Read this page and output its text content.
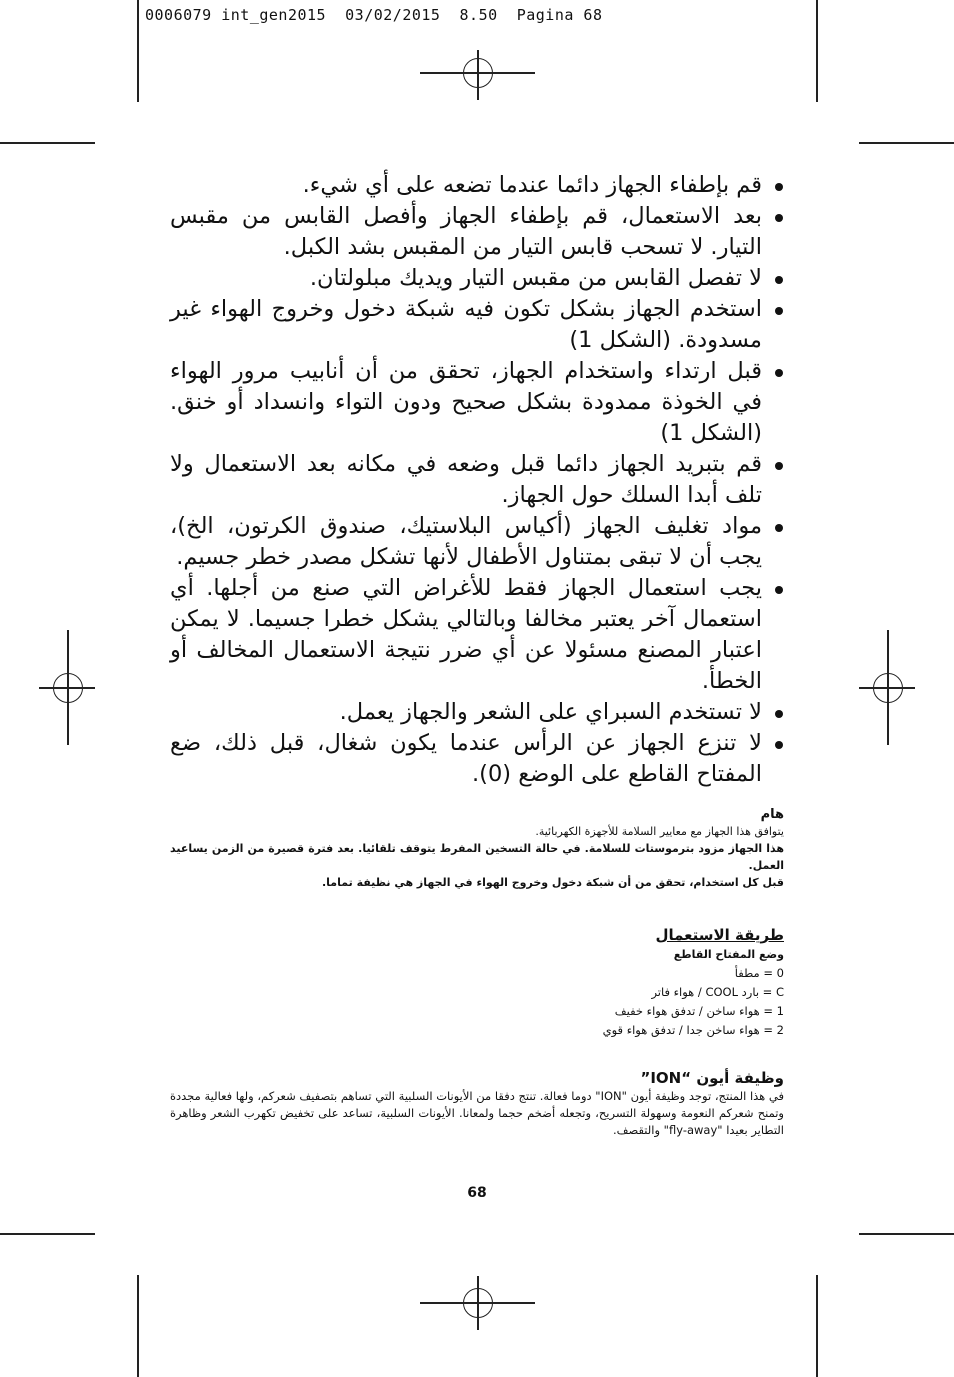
0006079 int_gen2015  03/02/2015  8.50  Pagina 68
قم بإطفاء الجهاز دائما عندما تضعه على أي شيء.
بعد الاستعمال، قم بإطفاء الجهاز وأفصل القابس من مقبس التيار. لا تسحب قابس التيار من المقبس بشد الكبل.
لا تفصل القابس من مقبس التيار ويديك مبلولتان.
استخدم الجهاز بشكل تكون فيه شبكة دخول وخروج الهواء غير مسدودة. (الشكل 1)
قبل ارتداء واستخدام الجهاز، تحقق من أن أنابيب مرور الهواء في الخوذة ممدودة بشكل صحيح ودون التواء وانسداد أو خنق. (الشكل 1)
قم بتبريد الجهاز دائما قبل وضعه في مكانه بعد الاستعمال ولا تلف أبدا السلك حول الجهاز.
مواد تغليف الجهاز (أكياس البلاستيك، صندوق الكرتون، الخ)، يجب أن لا تبقى بمتناول الأطفال لأنها تشكل مصدر خطر جسيم.
يجب استعمال الجهاز فقط للأغراض التي صنع من أجلها. أي استعمال آخر يعتبر مخالفا وبالتالي يشكل خطرا جسيما. لا يمكن اعتبار المصنع مسئولا عن أي ضرر نتيجة الاستعمال المخالف أو الخطأ.
لا تستخدم السبراي على الشعر والجهاز يعمل.
لا تنزع الجهاز عن الرأس عندما يكون شغال، قبل ذلك، ضع المفتاح القاطع على الوضع (0).
هام
يتوافق هذا الجهاز مع معايير السلامة للأجهزة الكهربائية.
هذا الجهاز مزود بترموستات للسلامة. في حالة التسخين المفرط يتوقف تلقائيا. بعد فترة قصيرة من الزمن يساعيد العمل.
قبل كل استخدام، تحقق من أن شبكة دخول وخروج الهواء في الجهاز هي نظيفة تماما.
طريقة الاستعمال
وضع المفتاح القاطع
0 = مطفأ
C = بارد COOL / هواء فاتر
1 = هواء ساخن / تدفق هواء خفيف
2 = هواء ساخن جدا / تدفق هواء قوي
وظيفة أيون “ION”
في هذا المنتج، توجد وظيفة أيون "ION" دوما فعالة. تنتج دفقا من الأيونات السلبية التي تساهم بتصفيف شعركم، ولها فعالية مجددة وتمنح شعركم النعومة وسهولة التسريح، وتجعله أضخم حجما ولمعانا. الأيونات السلبية، تساعد على تخفيض تكهرب الشعر وظاهرة التطاير بعيدا "fly-away" والتقصف.
68
